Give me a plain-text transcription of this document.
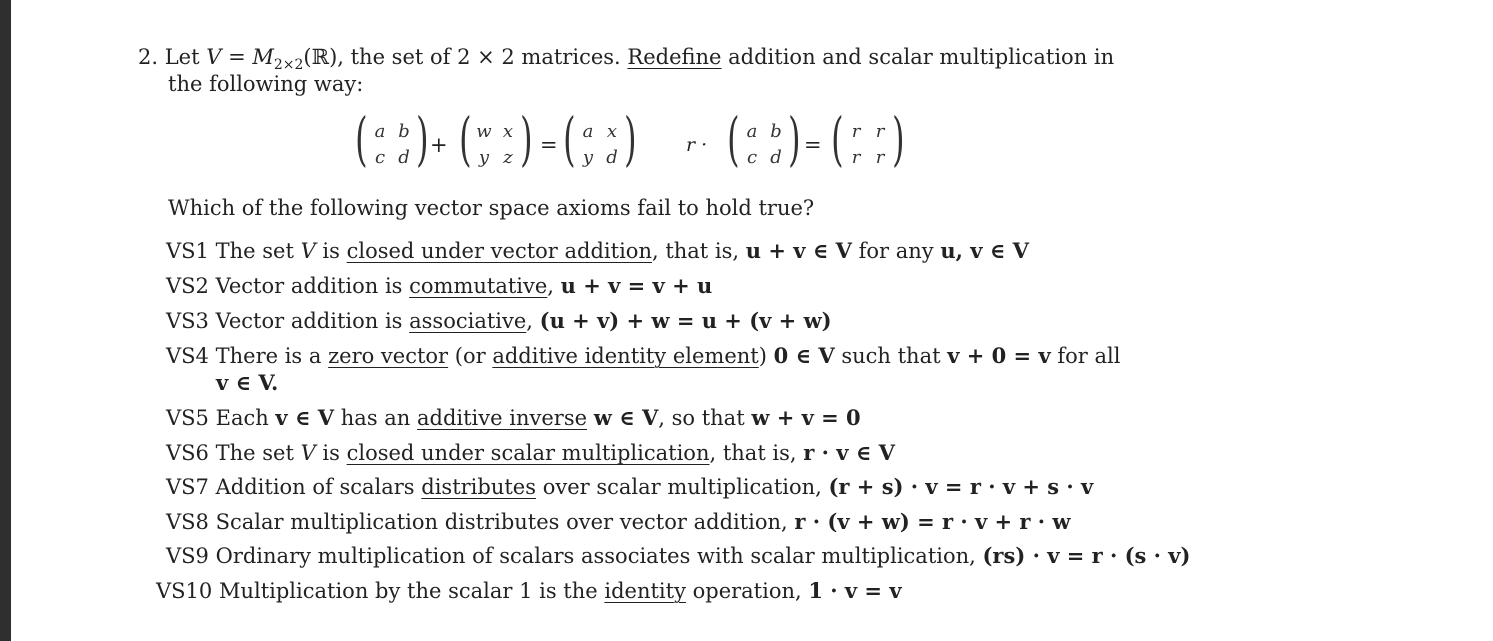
2. Let $V = M_{2\times 2}(ℝ)$, the set of 2 × 2 matrices. Redefine addition and scalar multiplication in
the following way:
( )
a b
c d
+ ( )
w x
y z
= ( )
a x
y d
r · ( )
a b
c d
= ( )
r r
r r
Which of the following vector space axioms fail to hold true?
VS1 The set V is closed under vector addition, that is, u + v ∈ V for any u, v ∈ V
VS2 Vector addition is commutative, u + v = v + u
VS3 Vector addition is associative, (u + v) + w = u + (v + w)
VS4 There is a zero vector (or additive identity element) 0 ∈ V such that v + 0 = v for all
v ∈ V.
VS5 Each v ∈ V has an additive inverse w ∈ V, so that w + v = 0
VS6 The set V is closed under scalar multiplication, that is, r · v ∈ V
VS7 Addition of scalars distributes over scalar multiplication, (r + s) · v = r · v + s · v
VS8 Scalar multiplication distributes over vector addition, r · (v + w) = r · v + r · w
VS9 Ordinary multiplication of scalars associates with scalar multiplication, (rs) · v = r · (s · v)
VS10 Multiplication by the scalar 1 is the identity operation, 1 · v = v
